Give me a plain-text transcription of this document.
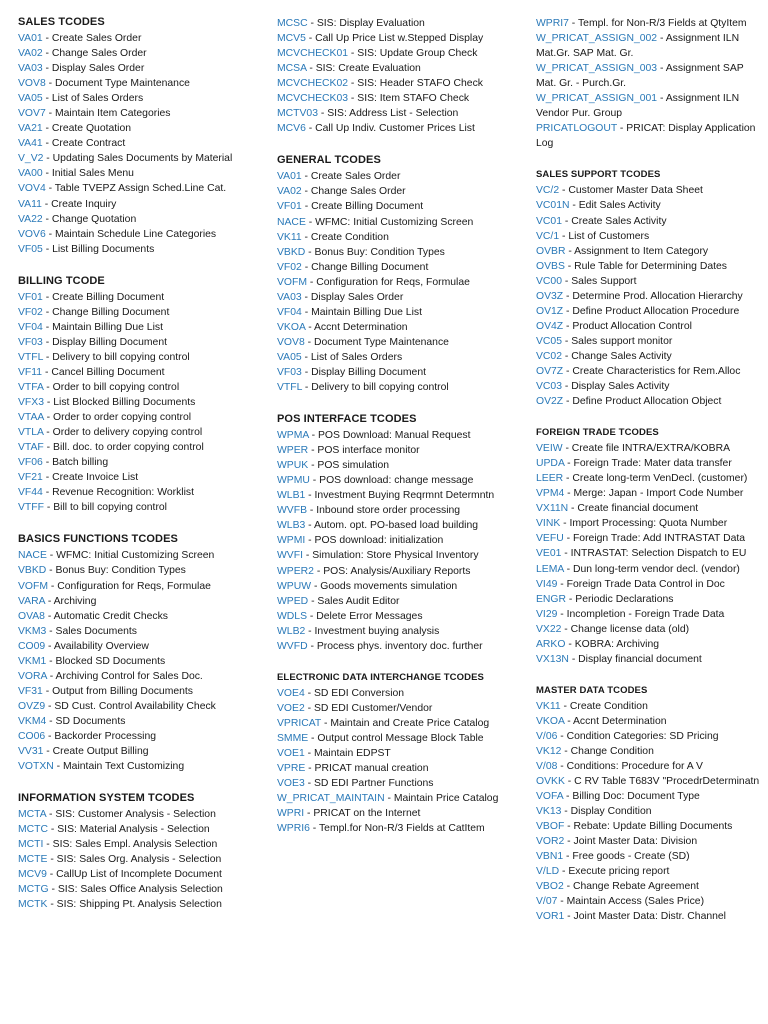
SALES TCODES
VA01 - Create Sales Order
VA02 - Change Sales Order
VA03 - Display Sales Order
VOV8 - Document Type Maintenance
VA05 - List of Sales Orders
VOV7 - Maintain Item Categories
VA21 - Create Quotation
VA41 - Create Contract
V_V2 - Updating Sales Documents by Material
VA00 - Initial Sales Menu
VOV4 - Table TVEPZ Assign Sched.Line Cat.
VA11 - Create Inquiry
VA22 - Change Quotation
VOV6 - Maintain Schedule Line Categories
VF05 - List Billing Documents
BILLING TCODE
VF01 - Create Billing Document
VF02 - Change Billing Document
VF04 - Maintain Billing Due List
VF03 - Display Billing Document
VTFL - Delivery to bill copying control
VF11 - Cancel Billing Document
VTFA - Order to bill copying control
VFX3 - List Blocked Billing Documents
VTAA - Order to order copying control
VTLA - Order to delivery copying control
VTAF - Bill. doc. to order copying control
VF06 - Batch billing
VF21 - Create Invoice List
VF44 - Revenue Recognition: Worklist
VTFF - Bill to bill copying control
BASICS FUNCTIONS TCODES
NACE - WFMC: Initial Customizing Screen
VBKD - Bonus Buy: Condition Types
VOFM - Configuration for Reqs, Formulae
VARA - Archiving
OVA8 - Automatic Credit Checks
VKM3 - Sales Documents
CO09 - Availability Overview
VKM1 - Blocked SD Documents
VORA - Archiving Control for Sales Doc.
VF31 - Output from Billing Documents
OVZ9 - SD Cust. Control Availability Check
VKM4 - SD Documents
CO06 - Backorder Processing
VV31 - Create Output Billing
VOTXN - Maintain Text Customizing
INFORMATION SYSTEM TCODES
MCTA - SIS: Customer Analysis - Selection
MCTC - SIS: Material Analysis - Selection
MCTI - SIS: Sales Empl. Analysis Selection
MCTE - SIS: Sales Org. Analysis - Selection
MCV9 - CallUp List of Incomplete Document
MCTG - SIS: Sales Office Analysis Selection
MCTK - SIS: Shipping Pt. Analysis Selection
MCSC - SIS: Display Evaluation
MCV5 - Call Up Price List w.Stepped Display
MCVCHECK01 - SIS: Update Group Check
MCSA - SIS: Create Evaluation
MCVCHECK02 - SIS: Header STAFO Check
MCVCHECK03 - SIS: Item STAFO Check
MCTV03 - SIS: Address List - Selection
MCV6 - Call Up Indiv. Customer Prices List
GENERAL TCODES
VA01 - Create Sales Order
VA02 - Change Sales Order
VF01 - Create Billing Document
NACE - WFMC: Initial Customizing Screen
VK11 - Create Condition
VBKD - Bonus Buy: Condition Types
VF02 - Change Billing Document
VOFM - Configuration for Reqs, Formulae
VA03 - Display Sales Order
VF04 - Maintain Billing Due List
VKOA - Accnt Determination
VOV8 - Document Type Maintenance
VA05 - List of Sales Orders
VF03 - Display Billing Document
VTFL - Delivery to bill copying control
POS INTERFACE TCODES
WPMA - POS Download: Manual Request
WPER - POS interface monitor
WPUK - POS simulation
WPMU - POS download: change message
WLB1 - Investment Buying Reqrmnt Determntn
WVFB - Inbound store order processing
WLB3 - Autom. opt. PO-based load building
WPMI - POS download: initialization
WVFI - Simulation: Store Physical Inventory
WPER2 - POS: Analysis/Auxiliary Reports
WPUW - Goods movements simulation
WPED - Sales Audit Editor
WDLS - Delete Error Messages
WLB2 - Investment buying analysis
WVFD - Process phys. inventory doc. further
ELECTRONIC DATA INTERCHANGE TCODES
VOE4 - SD EDI Conversion
VOE2 - SD EDI Customer/Vendor
VPRICAT - Maintain and Create Price Catalog
SMME - Output control Message Block Table
VOE1 - Maintain EDPST
VPRE - PRICAT manual creation
VOE3 - SD EDI Partner Functions
W_PRICAT_MAINTAIN - Maintain Price Catalog
WPRI - PRICAT on the Internet
WPRI6 - Templ.for Non-R/3 Fields at CatItem
WPRI7 - Templ. for Non-R/3 Fields at QtyItem
W_PRICAT_ASSIGN_002 - Assignment ILN Mat.Gr. SAP Mat. Gr.
W_PRICAT_ASSIGN_003 - Assignment SAP Mat. Gr. - Purch.Gr.
W_PRICAT_ASSIGN_001 - Assignment ILN Vendor Pur. Group
PRICATLOGOUT - PRICAT: Display Application Log
SALES SUPPORT TCODES
VC/2 - Customer Master Data Sheet
VC01N - Edit Sales Activity
VC01 - Create Sales Activity
VC/1 - List of Customers
OVBR - Assignment to Item Category
OVBS - Rule Table for Determining Dates
VC00 - Sales Support
OV3Z - Determine Prod. Allocation Hierarchy
OV1Z - Define Product Allocation Procedure
OV4Z - Product Allocation Control
VC05 - Sales support monitor
VC02 - Change Sales Activity
OV7Z - Create Characteristics for Rem.Alloc
VC03 - Display Sales Activity
OV2Z - Define Product Allocation Object
FOREIGN TRADE TCODES
VEIW - Create file INTRA/EXTRA/KOBRA
UPDA - Foreign Trade: Mater data transfer
LEER - Create long-term VenDecl. (customer)
VPM4 - Merge: Japan - Import Code Number
VX11N - Create financial document
VINK - Import Processing: Quota Number
VEFU - Foreign Trade: Add INTRASTAT Data
VE01 - INTRASTAT: Selection Dispatch to EU
LEMA - Dun long-term vendor decl. (vendor)
VI49 - Foreign Trade Data Control in Doc
ENGR - Periodic Declarations
VI29 - Incompletion - Foreign Trade Data
VX22 - Change license data (old)
ARKO - KOBRA: Archiving
VX13N - Display financial document
MASTER DATA TCODES
VK11 - Create Condition
VKOA - Accnt Determination
V/06 - Condition Categories: SD Pricing
VK12 - Change Condition
V/08 - Conditions: Procedure for A V
OVKK - C RV Table T683V "ProcedrDeterminatn
VOFA - Billing Doc: Document Type
VK13 - Display Condition
VBOF - Rebate: Update Billing Documents
VOR2 - Joint Master Data: Division
VBN1 - Free goods - Create (SD)
V/LD - Execute pricing report
VBO2 - Change Rebate Agreement
V/07 - Maintain Access (Sales Price)
VOR1 - Joint Master Data: Distr. Channel
